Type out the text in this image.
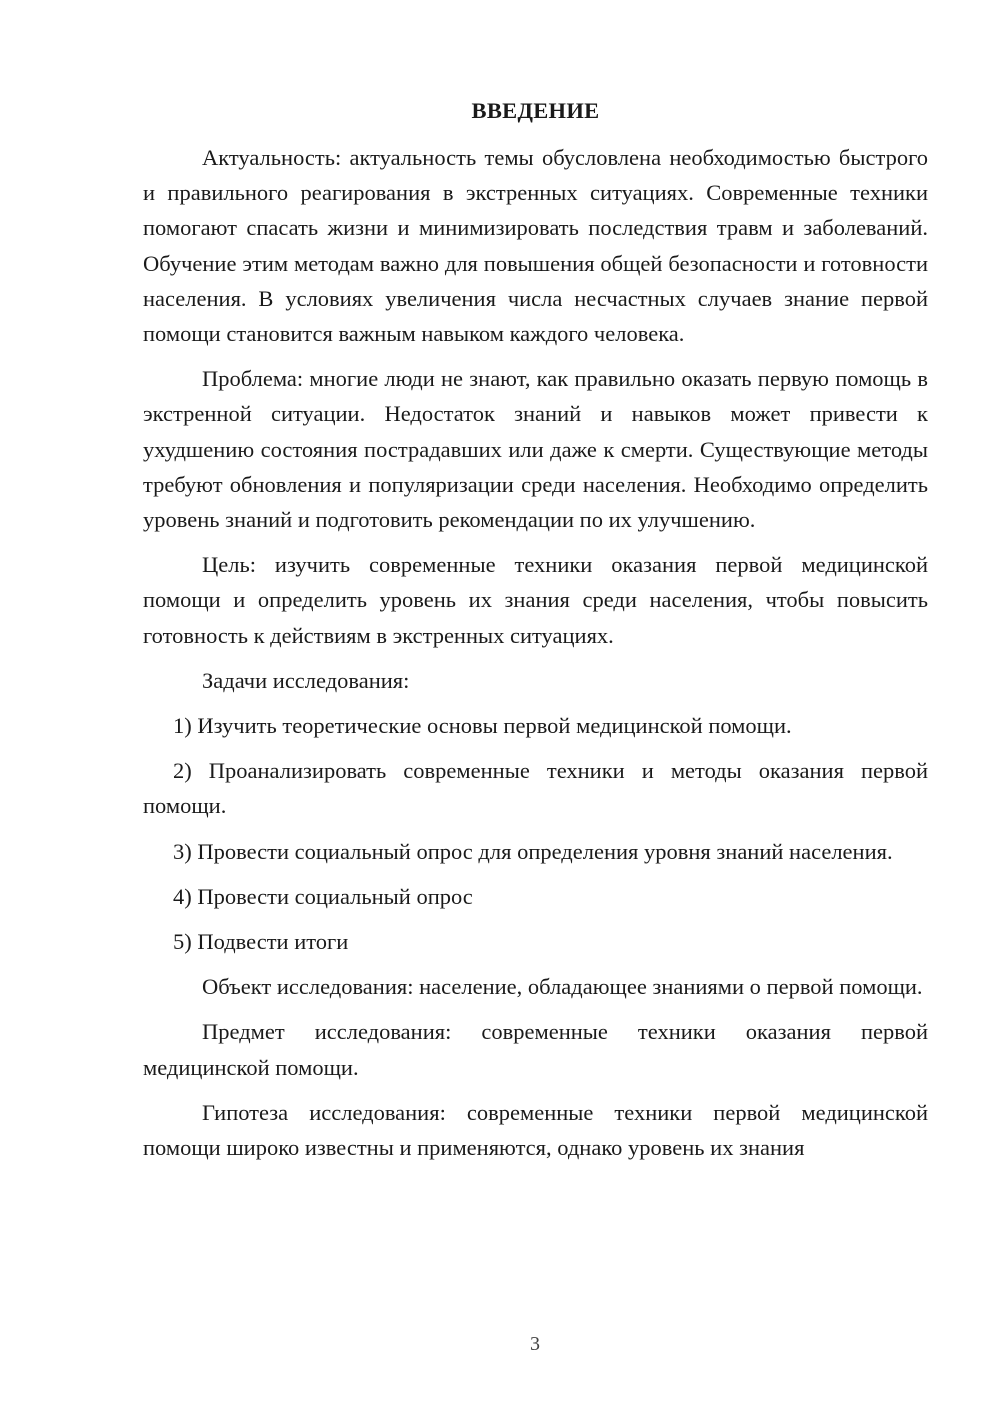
ВВЕДЕНИЕ

Актуальность: актуальность темы обусловлена необходимостью быстрого и правильного реагирования в экстренных ситуациях. Современные техники помогают спасать жизни и минимизировать последствия травм и заболеваний. Обучение этим методам важно для повышения общей безопасности и готовности населения. В условиях увеличения числа несчастных случаев знание первой помощи становится важным навыком каждого человека.

Проблема: многие люди не знают, как правильно оказать первую помощь в экстренной ситуации. Недостаток знаний и навыков может привести к ухудшению состояния пострадавших или даже к смерти. Существующие методы требуют обновления и популяризации среди населения. Необходимо определить уровень знаний и подготовить рекомендации по их улучшению.

Цель: изучить современные техники оказания первой медицинской помощи и определить уровень их знания среди населения, чтобы повысить готовность к действиям в экстренных ситуациях.

Задачи исследования:

1) Изучить теоретические основы первой медицинской помощи.

2) Проанализировать современные техники и методы оказания первой помощи.

3) Провести социальный опрос для определения уровня знаний населения.

4) Провести социальный опрос

5) Подвести итоги

Объект исследования: население, обладающее знаниями о первой помощи.

Предмет исследования: современные техники оказания первой медицинской помощи.

Гипотеза исследования: современные техники первой медицинской помощи широко известны и применяются, однако уровень их знания

3
